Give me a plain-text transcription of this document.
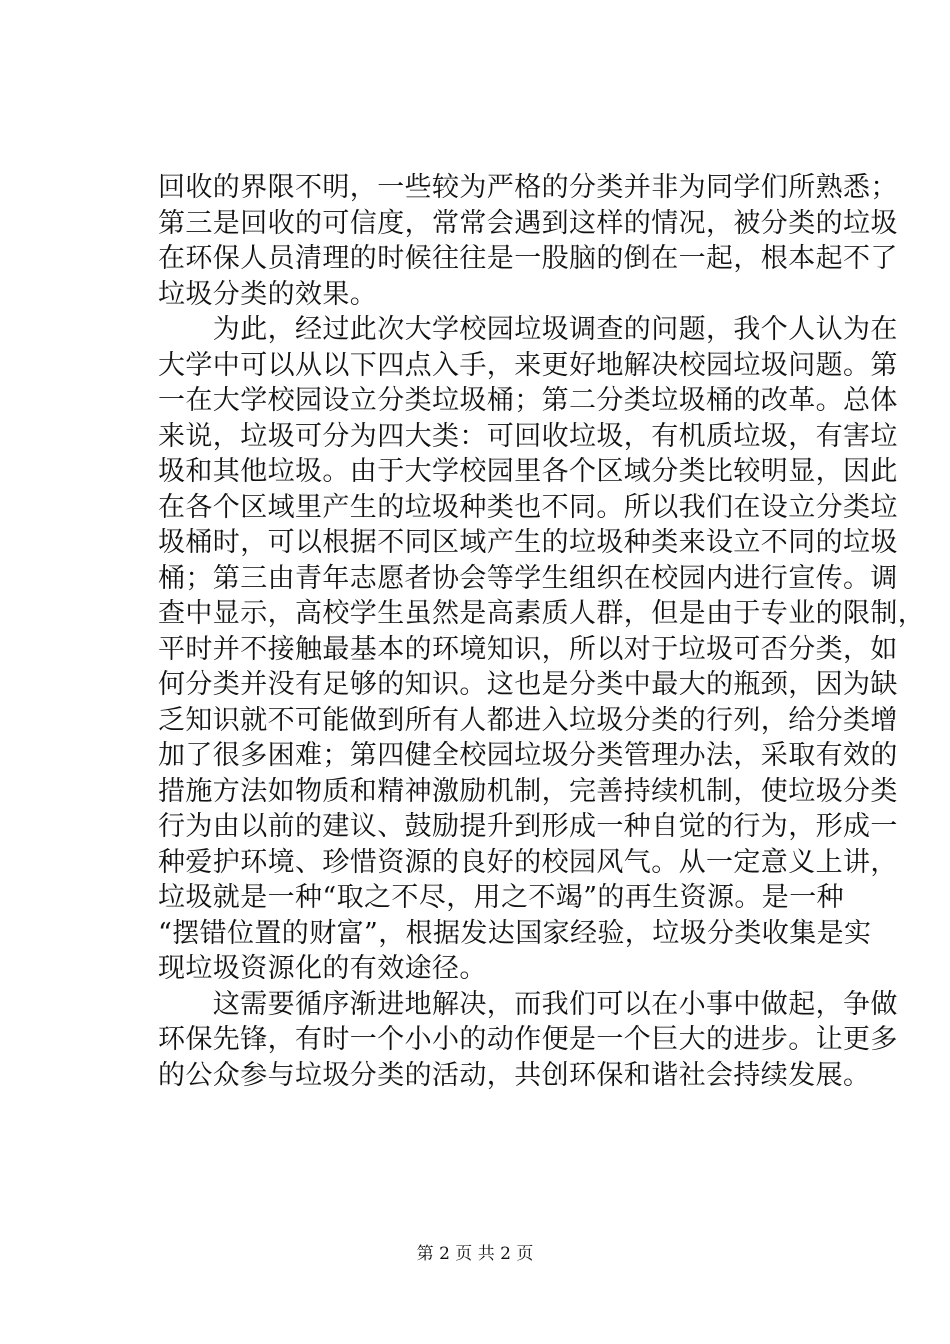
回收的界限不明，一些较为严格的分类并非为同学们所熟悉；
第三是回收的可信度，常常会遇到这样的情况，被分类的垃圾
在环保人员清理的时候往往是一股脑的倒在一起，根本起不了
垃圾分类的效果。
　　为此，经过此次大学校园垃圾调查的问题，我个人认为在
大学中可以从以下四点入手，来更好地解决校园垃圾问题。第
一在大学校园设立分类垃圾桶；第二分类垃圾桶的改革。总体
来说，垃圾可分为四大类：可回收垃圾，有机质垃圾，有害垃
圾和其他垃圾。由于大学校园里各个区域分类比较明显，因此
在各个区域里产生的垃圾种类也不同。所以我们在设立分类垃
圾桶时，可以根据不同区域产生的垃圾种类来设立不同的垃圾
桶；第三由青年志愿者协会等学生组织在校园内进行宣传。调
查中显示，高校学生虽然是高素质人群，但是由于专业的限制，
平时并不接触最基本的环境知识，所以对于垃圾可否分类，如
何分类并没有足够的知识。这也是分类中最大的瓶颈，因为缺
乏知识就不可能做到所有人都进入垃圾分类的行列，给分类增
加了很多困难；第四健全校园垃圾分类管理办法，采取有效的
措施方法如物质和精神激励机制，完善持续机制，使垃圾分类
行为由以前的建议、鼓励提升到形成一种自觉的行为，形成一
种爱护环境、珍惜资源的良好的校园风气。从一定意义上讲，
垃圾就是一种“取之不尽，用之不竭”的再生资源。是一种
“摆错位置的财富”，根据发达国家经验，垃圾分类收集是实
现垃圾资源化的有效途径。
　　这需要循序渐进地解决，而我们可以在小事中做起，争做
环保先锋，有时一个小小的动作便是一个巨大的进步。让更多
的公众参与垃圾分类的活动，共创环保和谐社会持续发展。
第 2 页 共 2 页
